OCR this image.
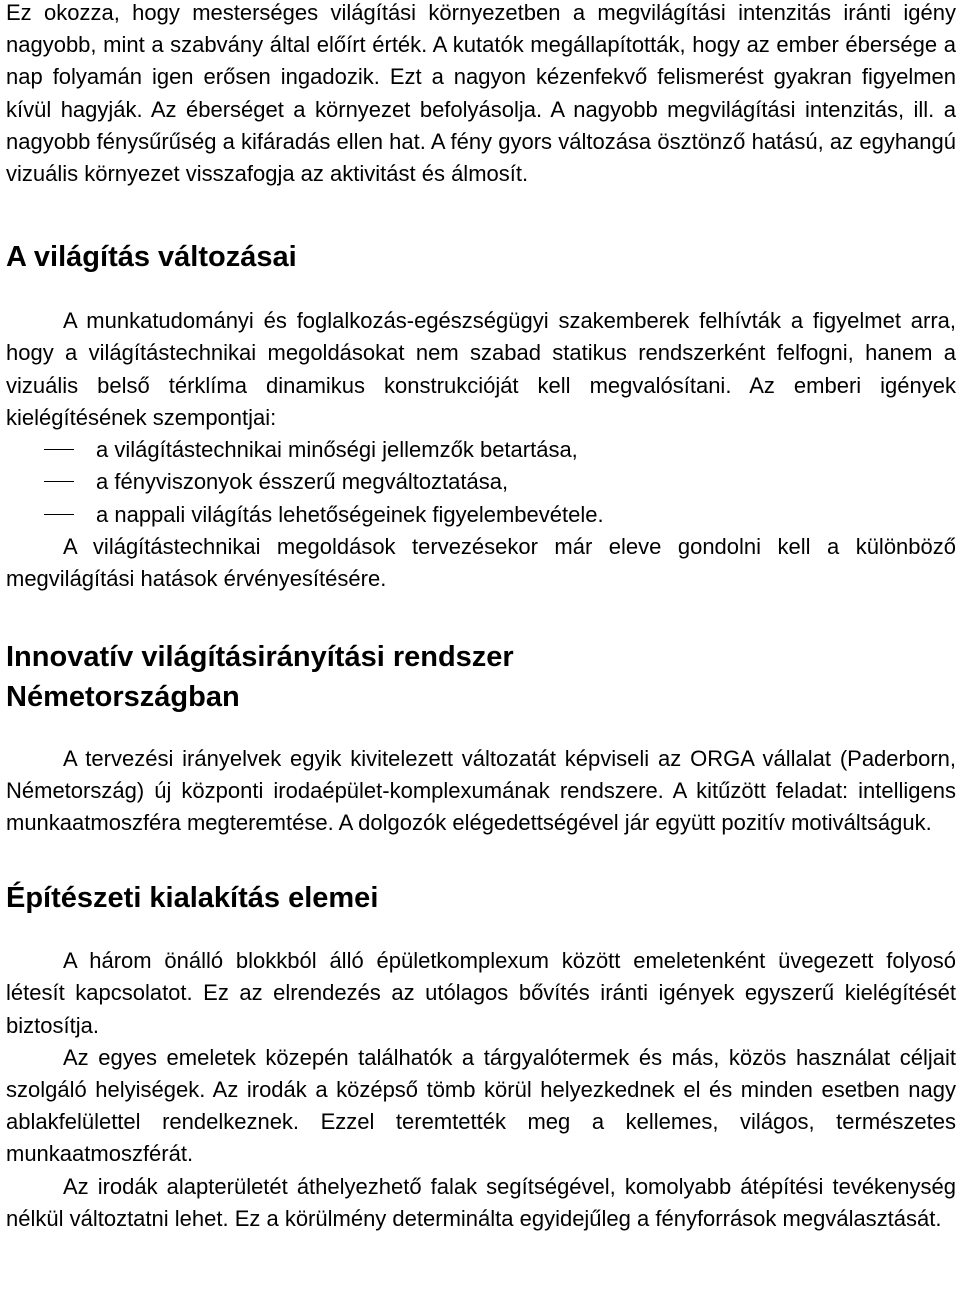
Ez okozza, hogy mesterséges világítási környezetben a megvilágítási intenzitás iránti igény nagyobb, mint a szabvány által előírt érték. A kutatók megállapították, hogy az ember ébersége a nap folyamán igen erősen ingadozik. Ezt a nagyon kézenfekvő felismerést gyakran figyelmen kívül hagyják. Az éberséget a környezet befolyásolja. A nagyobb megvilágítási intenzitás, ill. a nagyobb fénysűrűség a kifáradás ellen hat. A fény gyors változása ösztönző hatású, az egyhangú vizuális környezet visszafogja az aktivitást és álmosít.

A világítás változásai

A munkatudományi és foglalkozás-egészségügyi szakemberek felhívták a figyelmet arra, hogy a világítástechnikai megoldásokat nem szabad statikus rendszerként felfogni, hanem a vizuális belső térklíma dinamikus konstrukcióját kell megvalósítani. Az emberi igények kielégítésének szempontjai:

a világítástechnikai minőségi jellemzők betartása,
a fényviszonyok ésszerű megváltoztatása,
a nappali világítás lehetőségeinek figyelembevétele.

A világítástechnikai megoldások tervezésekor már eleve gondolni kell a különböző megvilágítási hatások érvényesítésére.

Innovatív világításirányítási rendszer
Németországban

A tervezési irányelvek egyik kivitelezett változatát képviseli az ORGA vállalat (Paderborn, Németország) új központi irodaépület-komplexumának rendszere. A kitűzött feladat: intelligens munkaatmoszféra megteremtése. A dolgozók elégedettségével jár együtt pozitív motiváltságuk.

Építészeti kialakítás elemei

A három önálló blokkból álló épületkomplexum között emeletenként üvegezett folyosó létesít kapcsolatot. Ez az elrendezés az utólagos bővítés iránti igények egyszerű kielégítését biztosítja.

Az egyes emeletek közepén találhatók a tárgyalótermek és más, közös használat céljait szolgáló helyiségek. Az irodák a középső tömb körül helyezkednek el és minden esetben nagy ablakfelülettel rendelkeznek. Ezzel teremtették meg a kellemes, világos, természetes munkaatmoszférát.

Az irodák alapterületét áthelyezhető falak segítségével, komolyabb átépítési tevékenység nélkül változtatni lehet. Ez a körülmény determinálta egyidejűleg a fényforrások megválasztását.
